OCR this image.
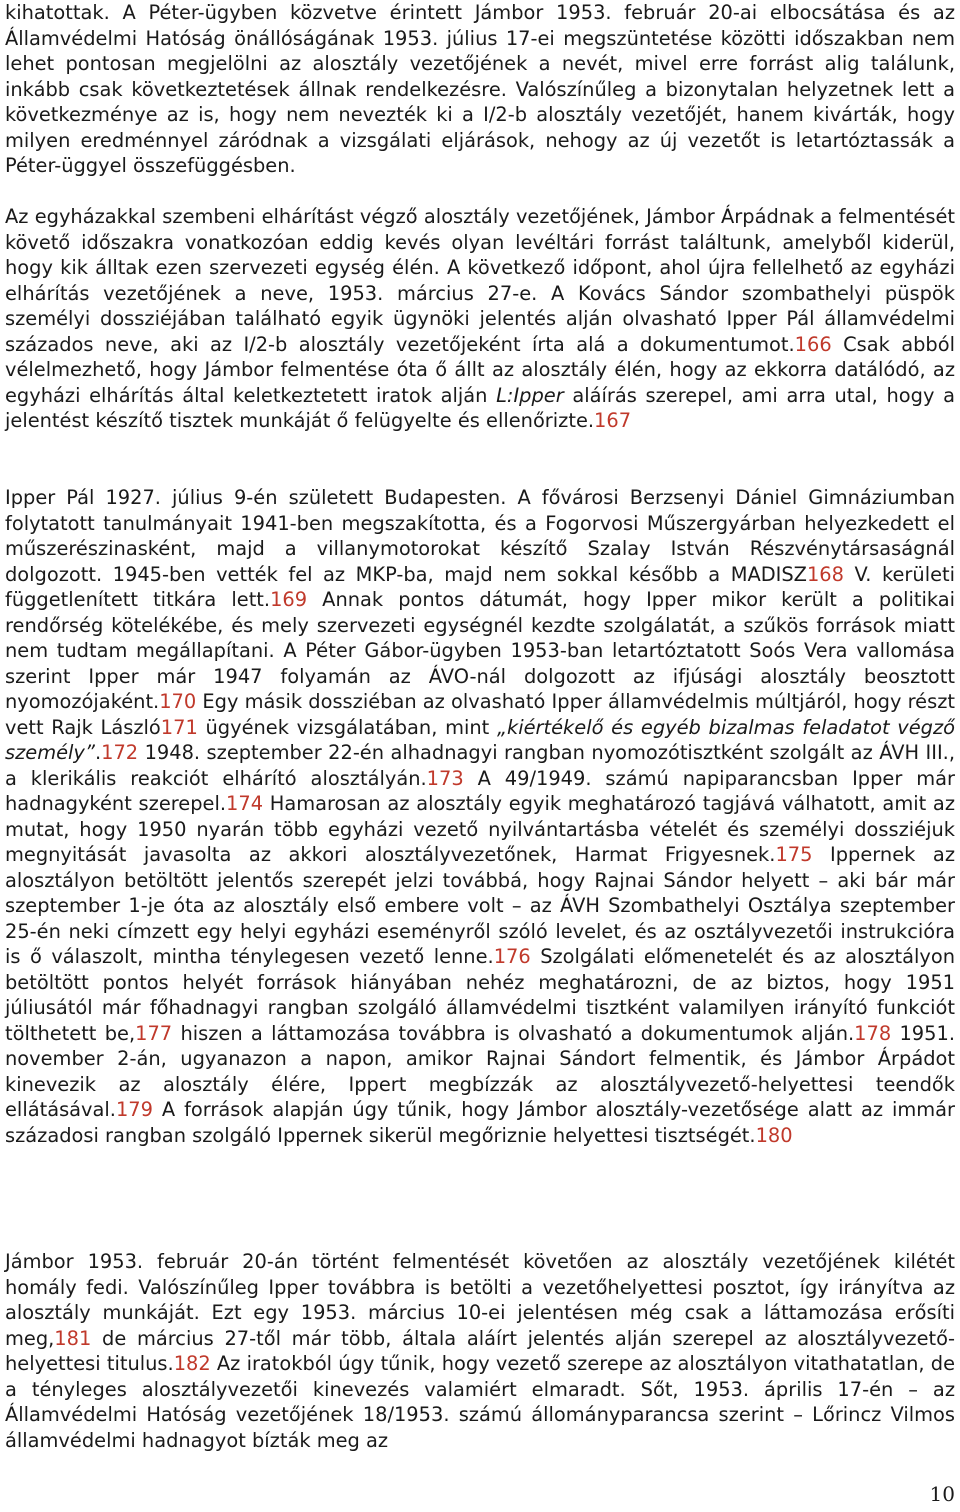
kihatottak. A Péter-ügyben közvetve érintett Jámbor 1953. február 20-ai elbocsátása és az Államvédelmi Hatóság önállóságának 1953. július 17-ei megszüntetése közötti időszakban nem lehet pontosan megjelölni az alosztály vezetőjének a nevét, mivel erre forrást alig találunk, inkább csak következtetések állnak rendelkezésre. Valószínűleg a bizonytalan helyzetnek lett a következménye az is, hogy nem nevezték ki a I/2-b alosztály vezetőjét, hanem kivárták, hogy milyen eredménnyel záródnak a vizsgálati eljárások, nehogy az új vezetőt is letartóztassák a Péter-üggyel összefüggésben.

Az egyházakkal szembeni elhárítást végző alosztály vezetőjének, Jámbor Árpádnak a felmentését követő időszakra vonatkozóan eddig kevés olyan levéltári forrást találtunk, amelyből kiderül, hogy kik álltak ezen szervezeti egység élén. A következő időpont, ahol újra fellelhető az egyházi elhárítás vezetőjének a neve, 1953. március 27-e. A Kovács Sándor szombathelyi püspök személyi dossziéjában található egyik ügynöki jelentés alján olvasható Ipper Pál államvédelmi százados neve, aki az I/2-b alosztály vezetőjeként írta alá a dokumentumot.166 Csak abból vélelmezhető, hogy Jámbor felmentése óta ő állt az alosztály élén, hogy az ekkorra datálódó, az egyházi elhárítás által keletkeztetett iratok alján L:Ipper aláírás szerepel, ami arra utal, hogy a jelentést készítő tisztek munkáját ő felügyelte és ellenőrizte.167

Ipper Pál 1927. július 9-én született Budapesten. A fővárosi Berzsenyi Dániel Gimnáziumban folytatott tanulmányait 1941-ben megszakította, és a Fogorvosi Műszergyárban helyezkedett el műszerészinasként, majd a villanymotorokat készítő Szalay István Részvénytársaságnál dolgozott. 1945-ben vették fel az MKP-ba, majd nem sokkal később a MADISZ168 V. kerületi függetlenített titkára lett.169 Annak pontos dátumát, hogy Ipper mikor került a politikai rendőrség kötelékébe, és mely szervezeti egységnél kezdte szolgálatát, a szűkös források miatt nem tudtam megállapítani. A Péter Gábor-ügyben 1953-ban letartóztatott Soós Vera vallomása szerint Ipper már 1947 folyamán az ÁVO-nál dolgozott az ifjúsági alosztály beosztott nyomozójaként.170 Egy másik dossziéban az olvasható Ipper államvédelmis múltjáról, hogy részt vett Rajk László171 ügyének vizsgálatában, mint „kiértékelő és egyéb bizalmas feladatot végző személy”.172 1948. szeptember 22-én alhadnagyi rangban nyomozótisztként szolgált az ÁVH III., a klerikális reakciót elhárító alosztályán.173 A 49/1949. számú napiparancsban Ipper már hadnagyként szerepel.174 Hamarosan az alosztály egyik meghatározó tagjává válhatott, amit az mutat, hogy 1950 nyarán több egyházi vezető nyilvántartásba vételét és személyi dossziéjuk megnyitását javasolta az akkori alosztályvezetőnek, Harmat Frigyesnek.175 Ippernek az alosztályon betöltött jelentős szerepét jelzi továbbá, hogy Rajnai Sándor helyett – aki bár már szeptember 1-je óta az alosztály első embere volt – az ÁVH Szombathelyi Osztálya szeptember 25-én neki címzett egy helyi egyházi eseményről szóló levelet, és az osztályvezetői instrukcióra is ő válaszolt, mintha ténylegesen vezető lenne.176 Szolgálati előmenetelét és az alosztályon betöltött pontos helyét források hiányában nehéz meghatározni, de az biztos, hogy 1951 júliusától már főhadnagyi rangban szolgáló államvédelmi tisztként valamilyen irányító funkciót tölthetett be,177 hiszen a láttamozása továbbra is olvasható a dokumentumok alján.178 1951. november 2-án, ugyanazon a napon, amikor Rajnai Sándort felmentik, és Jámbor Árpádot kinevezik az alosztály élére, Ippert megbízzák az alosztályvezető-helyettesi teendők ellátásával.179 A források alapján úgy tűnik, hogy Jámbor alosztály-vezetősége alatt az immár századosi rangban szolgáló Ippernek sikerül megőriznie helyettesi tisztségét.180

Jámbor 1953. február 20-án történt felmentését követően az alosztály vezetőjének kilétét homály fedi. Valószínűleg Ipper továbbra is betölti a vezetőhelyettesi posztot, így irányítva az alosztály munkáját. Ezt egy 1953. március 10-ei jelentésen még csak a láttamozása erősíti meg,181 de március 27-től már több, általa aláírt jelentés alján szerepel az alosztályvezető-helyettesi titulus.182 Az iratokból úgy tűnik, hogy vezető szerepe az alosztályon vitathatatlan, de a tényleges alosztályvezetői kinevezés valamiért elmaradt. Sőt, 1953. április 17-én – az Államvédelmi Hatóság vezetőjének 18/1953. számú állományparancsa szerint – Lőrincz Vilmos államvédelmi hadnagyot bízták meg az

10
